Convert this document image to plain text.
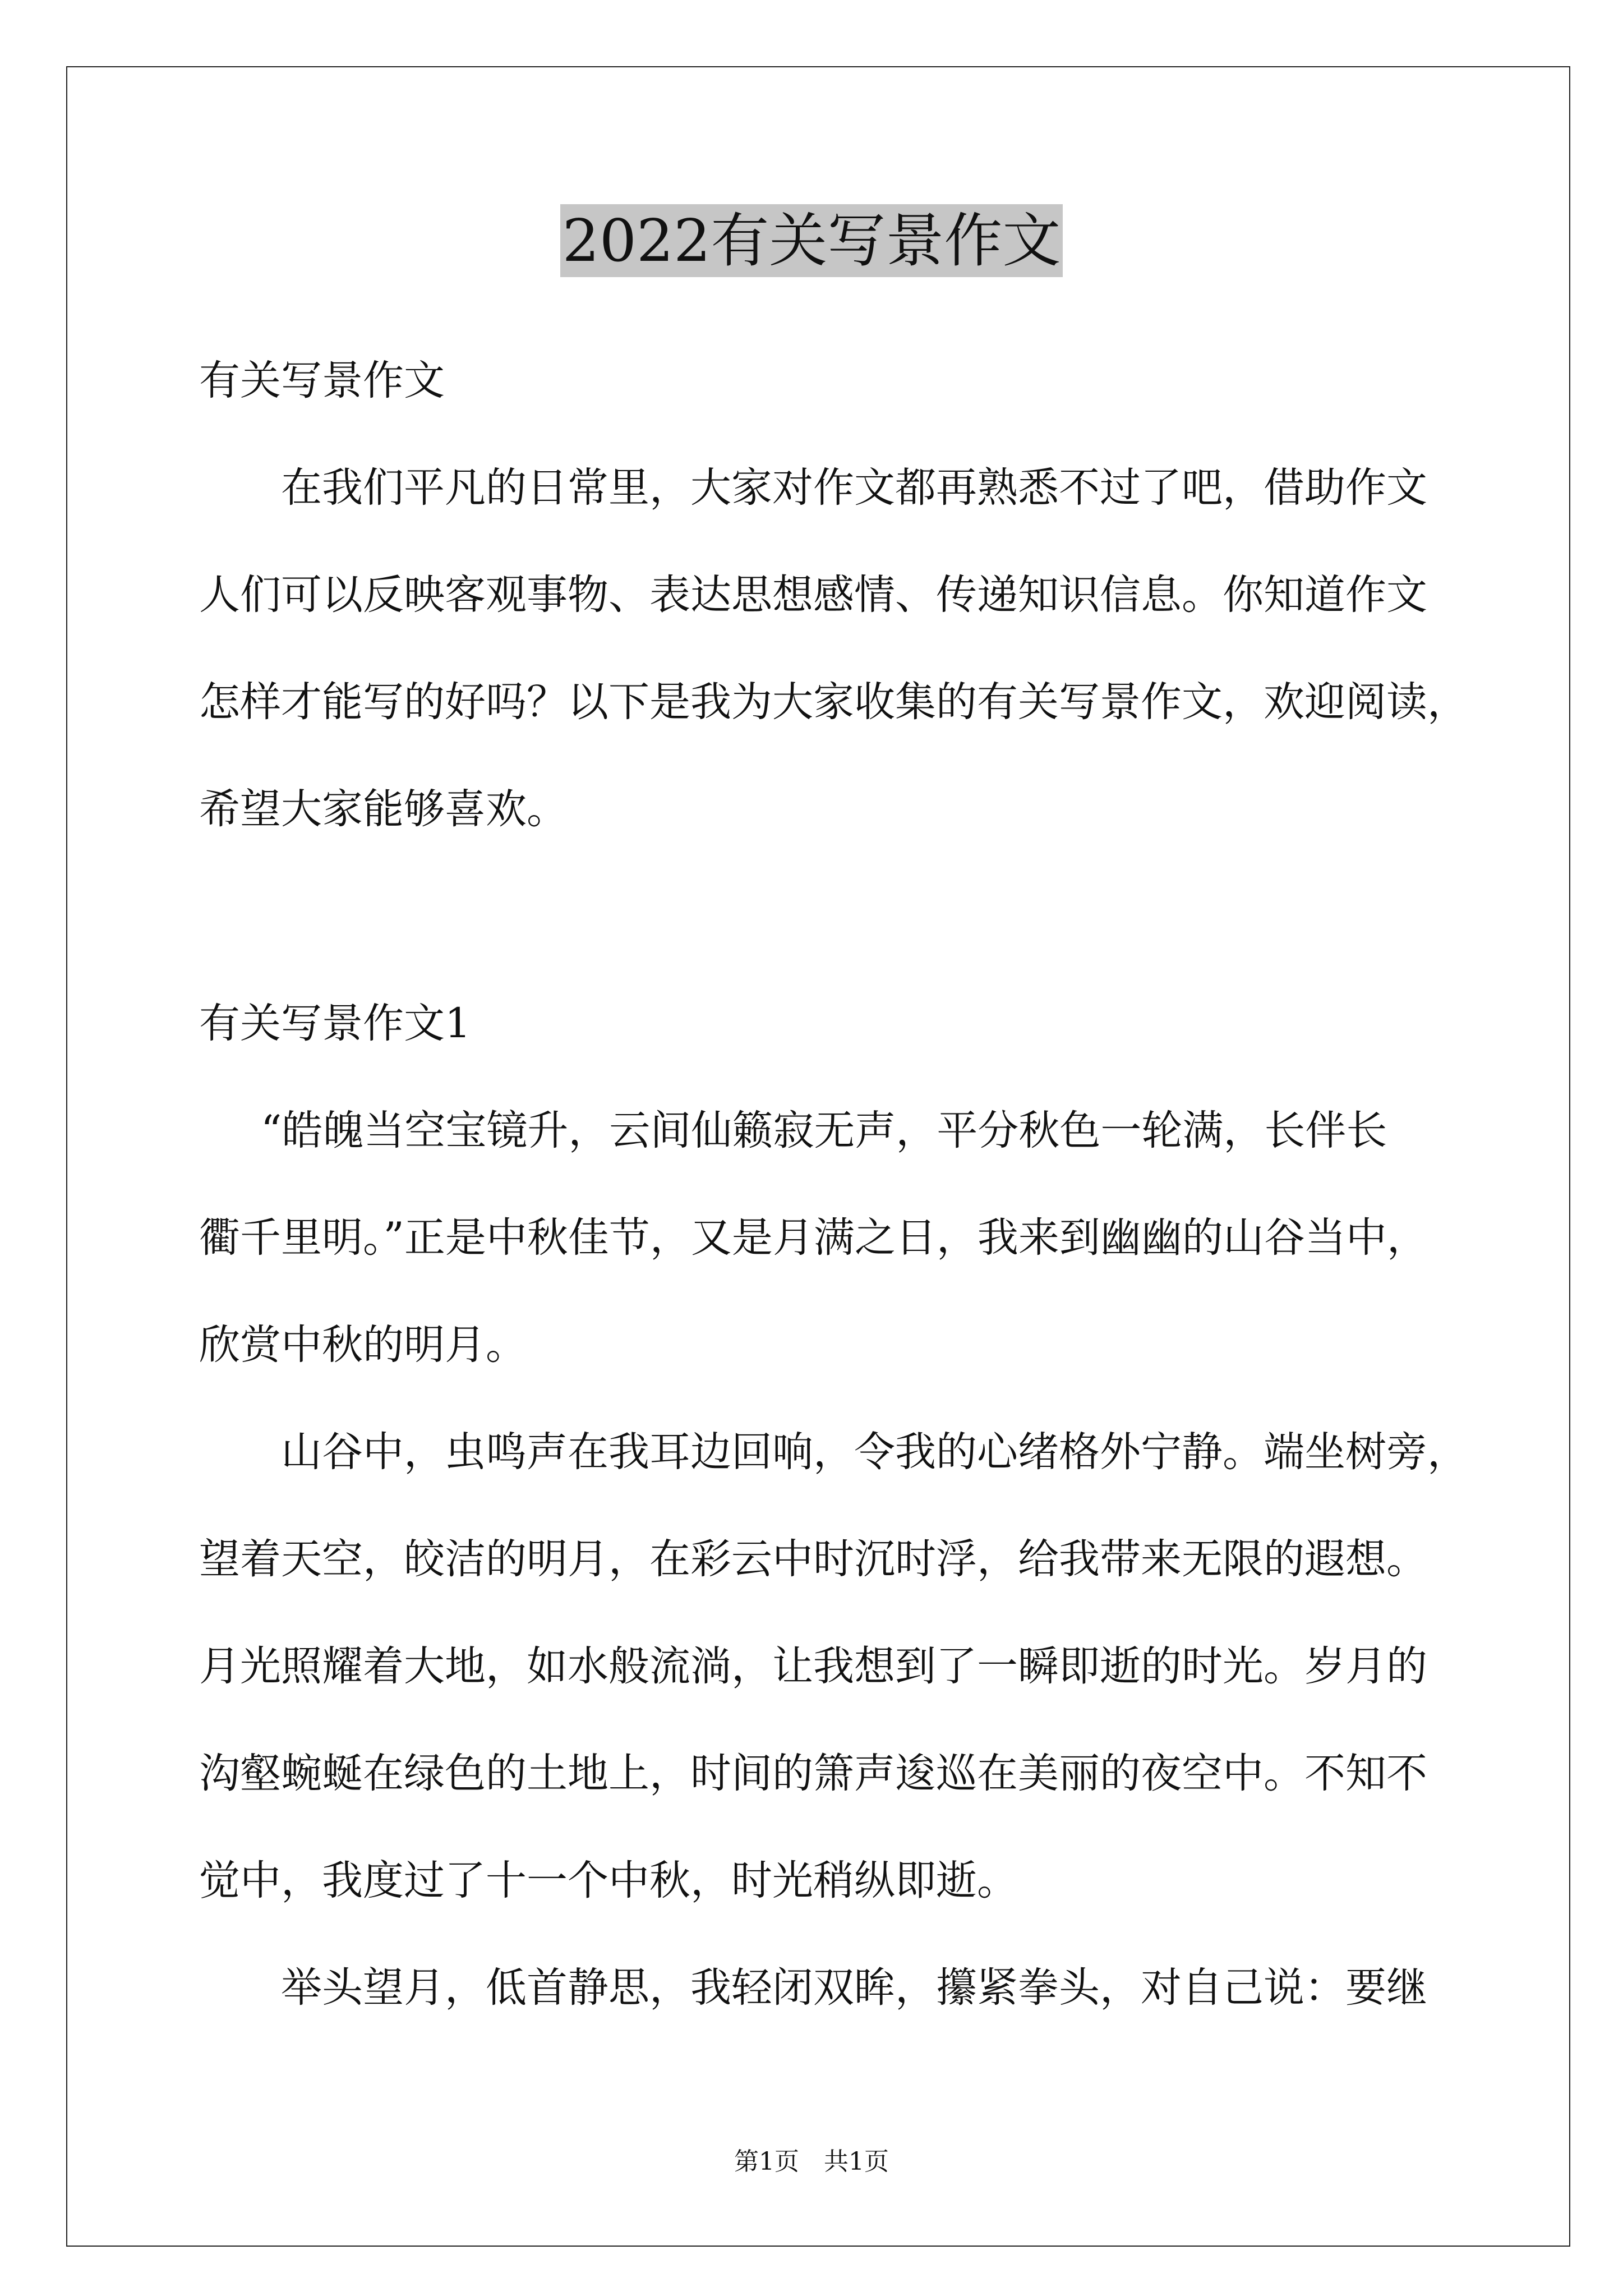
2022有关写景作文
有关写景作文
在我们平凡的日常里，大家对作文都再熟悉不过了吧，借助作文
人们可以反映客观事物、表达思想感情、传递知识信息。你知道作文
怎样才能写的好吗？以下是我为大家收集的有关写景作文，欢迎阅读，
希望大家能够喜欢。
有关写景作文1
“皓魄当空宝镜升，云间仙籁寂无声，平分秋色一轮满，长伴长
衢千里明。”正是中秋佳节，又是月满之日，我来到幽幽的山谷当中，
欣赏中秋的明月。
山谷中，虫鸣声在我耳边回响，令我的心绪格外宁静。端坐树旁，
望着天空，皎洁的明月，在彩云中时沉时浮，给我带来无限的遐想。
月光照耀着大地，如水般流淌，让我想到了一瞬即逝的时光。岁月的
沟壑蜿蜒在绿色的土地上，时间的箫声逡巡在美丽的夜空中。不知不
觉中，我度过了十一个中秋，时光稍纵即逝。
举头望月，低首静思，我轻闭双眸，攥紧拳头，对自己说：要继
第1页　共1页
